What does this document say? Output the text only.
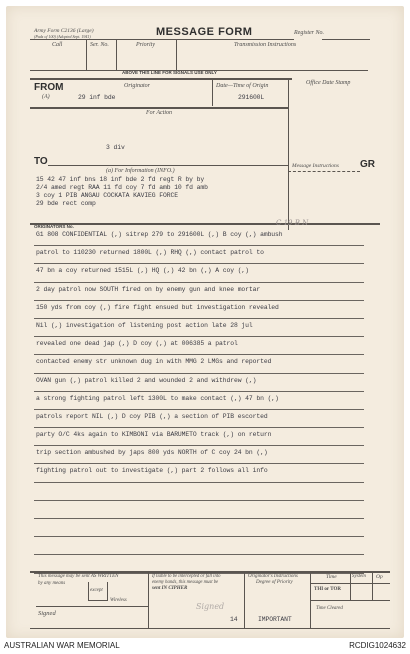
Army Form C2136 (Large)
(Pads of 100) (Adopted Sept. 1941)	MESSAGE FORM	Register No.
Call	Ser. No.	Priority	Transmission Instructions
ABOVE THIS LINE FOR SIGNALS USE ONLY
Office Date Stamp
FROM
(A)
Originator
29 inf bde
Date—Time of Origin
291600L
For Action
3 div
TO
(a) For Information (INFO.)
15 42 47 inf bns 18 inf bde 2 fd regt R by by
2/4 amed regt RAA 11 fd coy 7 fd amb 10 fd amb
3 coy 1 PIB ANGAU COCKATA KAVIEG FORCE
29 bde rect comp
Message Instructions GR
ORIGINATORS No.	C 19 B N
G1 808 CONFIDENTIAL (,) sitrep 279 to 291600L (,) B coy (,) ambush
patrol to 110230 returned 1800L (,) RHQ (,) contact patrol to
47 bn a coy returned 1515L (,) HQ (,) 42 bn (,) A coy (,)
2 day patrol now SOUTH fired on by enemy gun and knee mortar
150 yds from coy (,) fire fight ensued but investigation revealed
Nil (,) investigation of listening post action late 28 jul
revealed one dead jap (,) D coy (,) at 006385 a patrol
contacted enemy str unknown dug in with MMG 2 LMGs and reported
OVAN gun (,) patrol killed 2 and wounded 2 and withdrew (,)
a strong fighting patrol left 1300L to make contact (,) 47 bn (,)
patrols report NIL (,) D coy PIB (,) a section of PIB escorted
party O/C 4ks again to KIMBONI via BARUMETO track (,) on return
trip section ambushed by japs 800 yds NORTH of C coy 24 bn (,)
fighting patrol out to investigate (,) part 2 follows all info
This message may be sent AS WRITTEN
by any means
except
Wireless
Signed
If liable to be intercepted or fall into
enemy hands, this message must be
sent IN CIPHER
Signed
Originator's Instructions
Degree of Priority
14	IMPORTANT
Time	System Op
THI or TOR
Time Cleared
AUSTRALIAN WAR MEMORIAL	RCDIG1024632
